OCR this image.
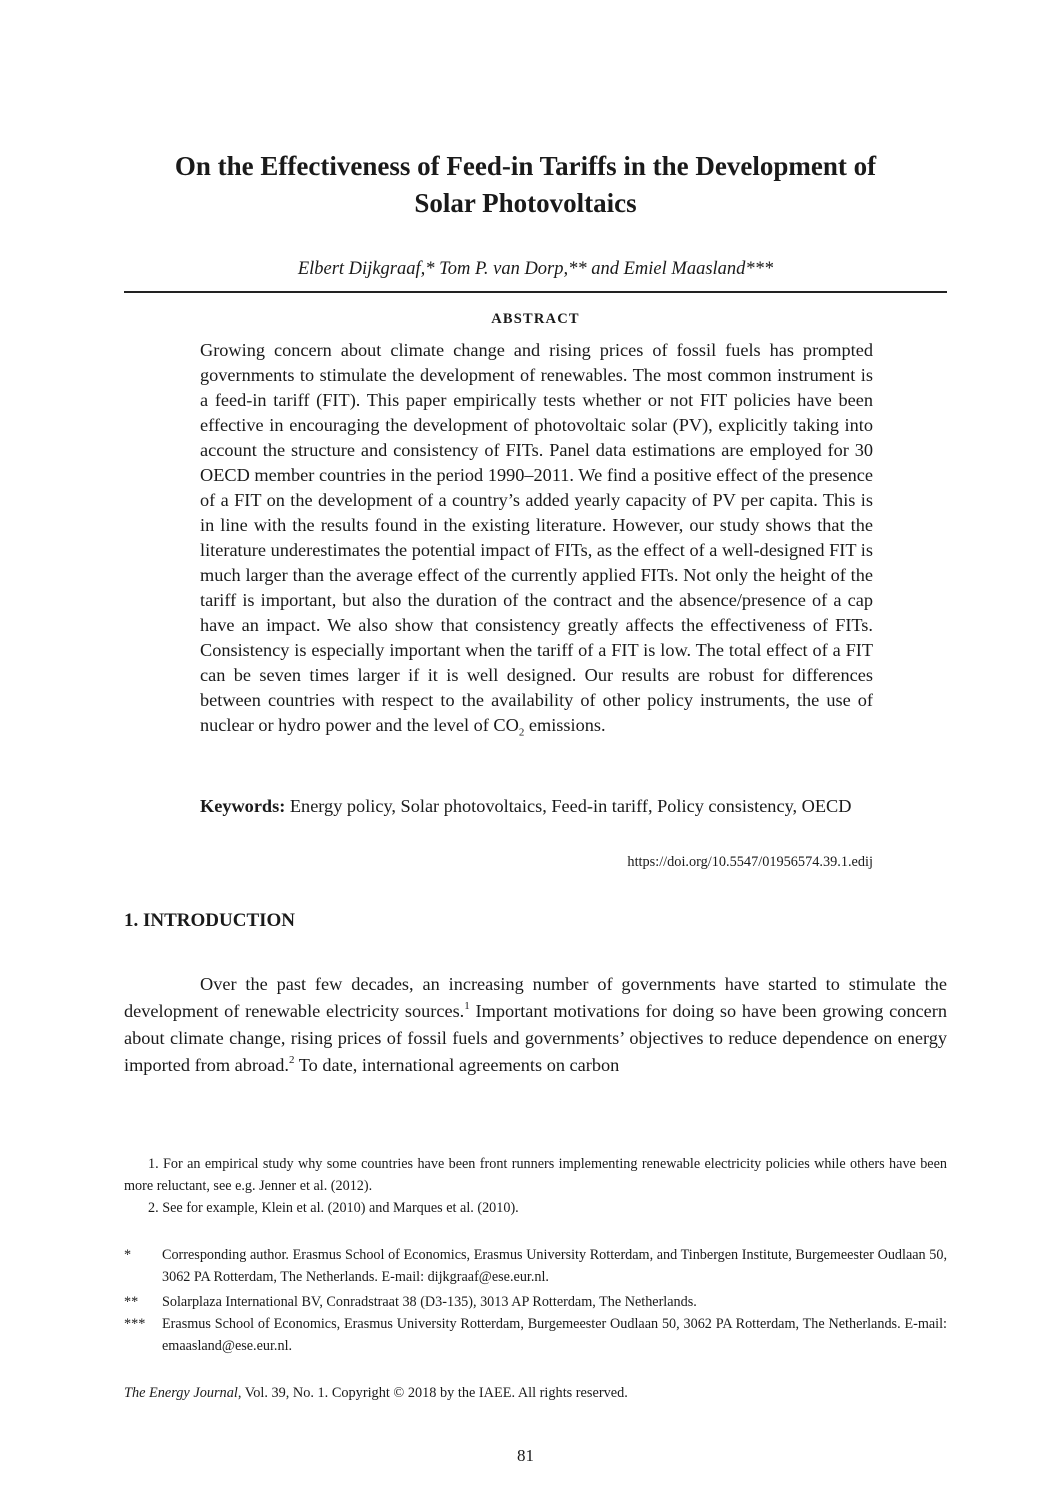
On the Effectiveness of Feed-in Tariffs in the Development of
Solar Photovoltaics
Elbert Dijkgraaf,* Tom P. van Dorp,** and Emiel Maasland***
ABSTRACT

Growing concern about climate change and rising prices of fossil fuels has prompted governments to stimulate the development of renewables. The most common instrument is a feed-in tariff (FIT). This paper empirically tests whether or not FIT policies have been effective in encouraging the development of photovoltaic solar (PV), explicitly taking into account the structure and consistency of FITs. Panel data estimations are employed for 30 OECD member countries in the period 1990–2011. We find a positive effect of the presence of a FIT on the development of a country’s added yearly capacity of PV per capita. This is in line with the results found in the existing literature. However, our study shows that the literature underestimates the potential impact of FITs, as the effect of a well-designed FIT is much larger than the average effect of the currently applied FITs. Not only the height of the tariff is important, but also the duration of the contract and the absence/presence of a cap have an impact. We also show that consistency greatly affects the effectiveness of FITs. Consistency is especially important when the tariff of a FIT is low. The total effect of a FIT can be seven times larger if it is well designed. Our results are robust for differences between countries with respect to the availability of other policy instruments, the use of nuclear or hydro power and the level of $CO_2$ emissions.

Keywords: Energy policy, Solar photovoltaics, Feed-in tariff, Policy consistency, OECD

https://doi.org/10.5547/01956574.39.1.edij
1. INTRODUCTION

Over the past few decades, an increasing number of governments have started to stimulate the development of renewable electricity sources.$^1$ Important motivations for doing so have been growing concern about climate change, rising prices of fossil fuels and governments’ objectives to reduce dependence on energy imported from abroad.$^2$ To date, international agreements on carbon

1. For an empirical study why some countries have been front runners implementing renewable electricity policies while others have been more reluctant, see e.g. Jenner et al. (2012).

2. See for example, Klein et al. (2010) and Marques et al. (2010).

*	Corresponding author. Erasmus School of Economics, Erasmus University Rotterdam, and Tinbergen Institute, Burgemeester Oudlaan 50, 3062 PA Rotterdam, The Netherlands. E-mail: dijkgraaf@ese.eur.nl.
**	Solarplaza International BV, Conradstraat 38 (D3-135), 3013 AP Rotterdam, The Netherlands.
***	Erasmus School of Economics, Erasmus University Rotterdam, Burgemeester Oudlaan 50, 3062 PA Rotterdam, The Netherlands. E-mail: emaasland@ese.eur.nl.
The Energy Journal, Vol. 39, No. 1. Copyright © 2018 by the IAEE. All rights reserved.
81
